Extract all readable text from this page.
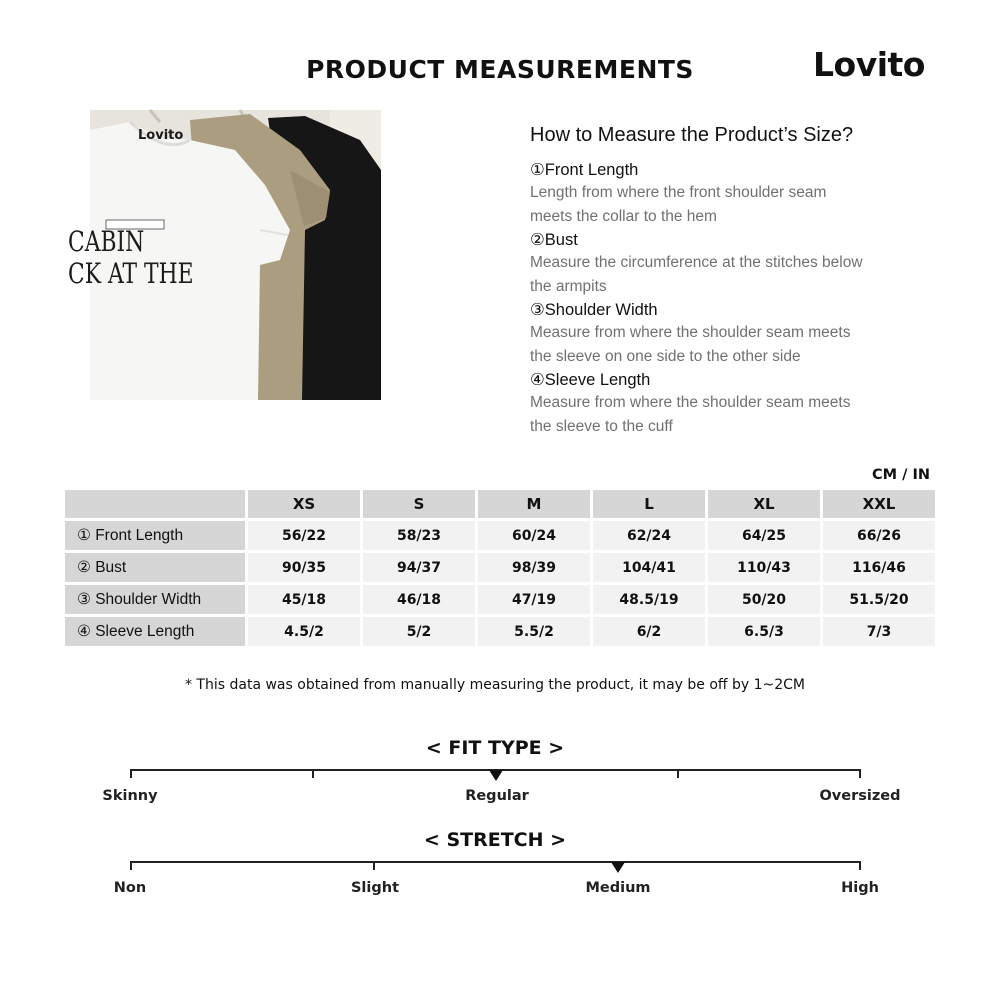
PRODUCT MEASUREMENTS	Lovito
Lovito
CABIN
CK AT THE
How to Measure the Product’s Size?
①Front Length
Length from where the front shoulder seam
meets the collar to the hem
②Bust
Measure the circumference at the stitches below
the armpits
③Shoulder Width
Measure from where the shoulder seam meets
the sleeve on one side to the other side
④Sleeve Length
Measure from where the shoulder seam meets
the sleeve to the cuff
CM / IN
	XS	S	M	L	XL	XXL
① Front Length	56/22	58/23	60/24	62/24	64/25	66/26
② Bust	90/35	94/37	98/39	104/41	110/43	116/46
③ Shoulder Width	45/18	46/18	47/19	48.5/19	50/20	51.5/20
④ Sleeve Length	4.5/2	5/2	5.5/2	6/2	6.5/3	7/3
* This data was obtained from manually measuring the product, it may be off by 1~2CM
< FIT TYPE >
Skinny	Regular	Oversized
< STRETCH >
Non	Slight	Medium	High
